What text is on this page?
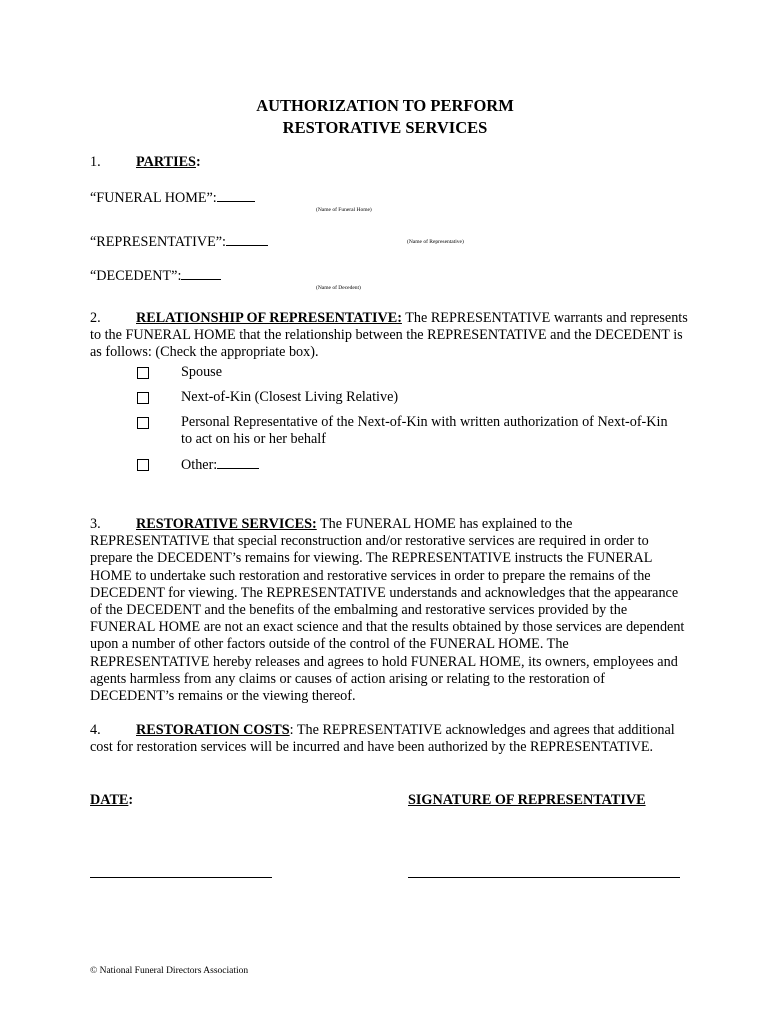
AUTHORIZATION TO PERFORM
RESTORATIVE SERVICES
1. PARTIES:
“FUNERAL HOME”:
(Name of Funeral Home)
“REPRESENTATIVE”:	(Name of Representative)
“DECEDENT”:
(Name of Decedent)
2. RELATIONSHIP OF REPRESENTATIVE: The REPRESENTATIVE warrants and represents to the FUNERAL HOME that the relationship between the REPRESENTATIVE and the DECEDENT is as follows: (Check the appropriate box).
Spouse
Next-of-Kin (Closest Living Relative)
Personal Representative of the Next-of-Kin with written authorization of Next-of-Kin
to act on his or her behalf
Other:
3. RESTORATIVE SERVICES: The FUNERAL HOME has explained to the REPRESENTATIVE that special reconstruction and/or restorative services are required in order to prepare the DECEDENT’s remains for viewing. The REPRESENTATIVE instructs the FUNERAL HOME to undertake such restoration and restorative services in order to prepare the remains of the DECEDENT for viewing. The REPRESENTATIVE understands and acknowledges that the appearance of the DECEDENT and the benefits of the embalming and restorative services provided by the FUNERAL HOME are not an exact science and that the results obtained by those services are dependent upon a number of other factors outside of the control of the FUNERAL HOME. The REPRESENTATIVE hereby releases and agrees to hold FUNERAL HOME, its owners, employees and agents harmless from any claims or causes of action arising or relating to the restoration of DECEDENT’s remains or the viewing thereof.
4. RESTORATION COSTS: The REPRESENTATIVE acknowledges and agrees that additional cost for restoration services will be incurred and have been authorized by the REPRESENTATIVE.
DATE:	SIGNATURE OF REPRESENTATIVE
© National Funeral Directors Association
